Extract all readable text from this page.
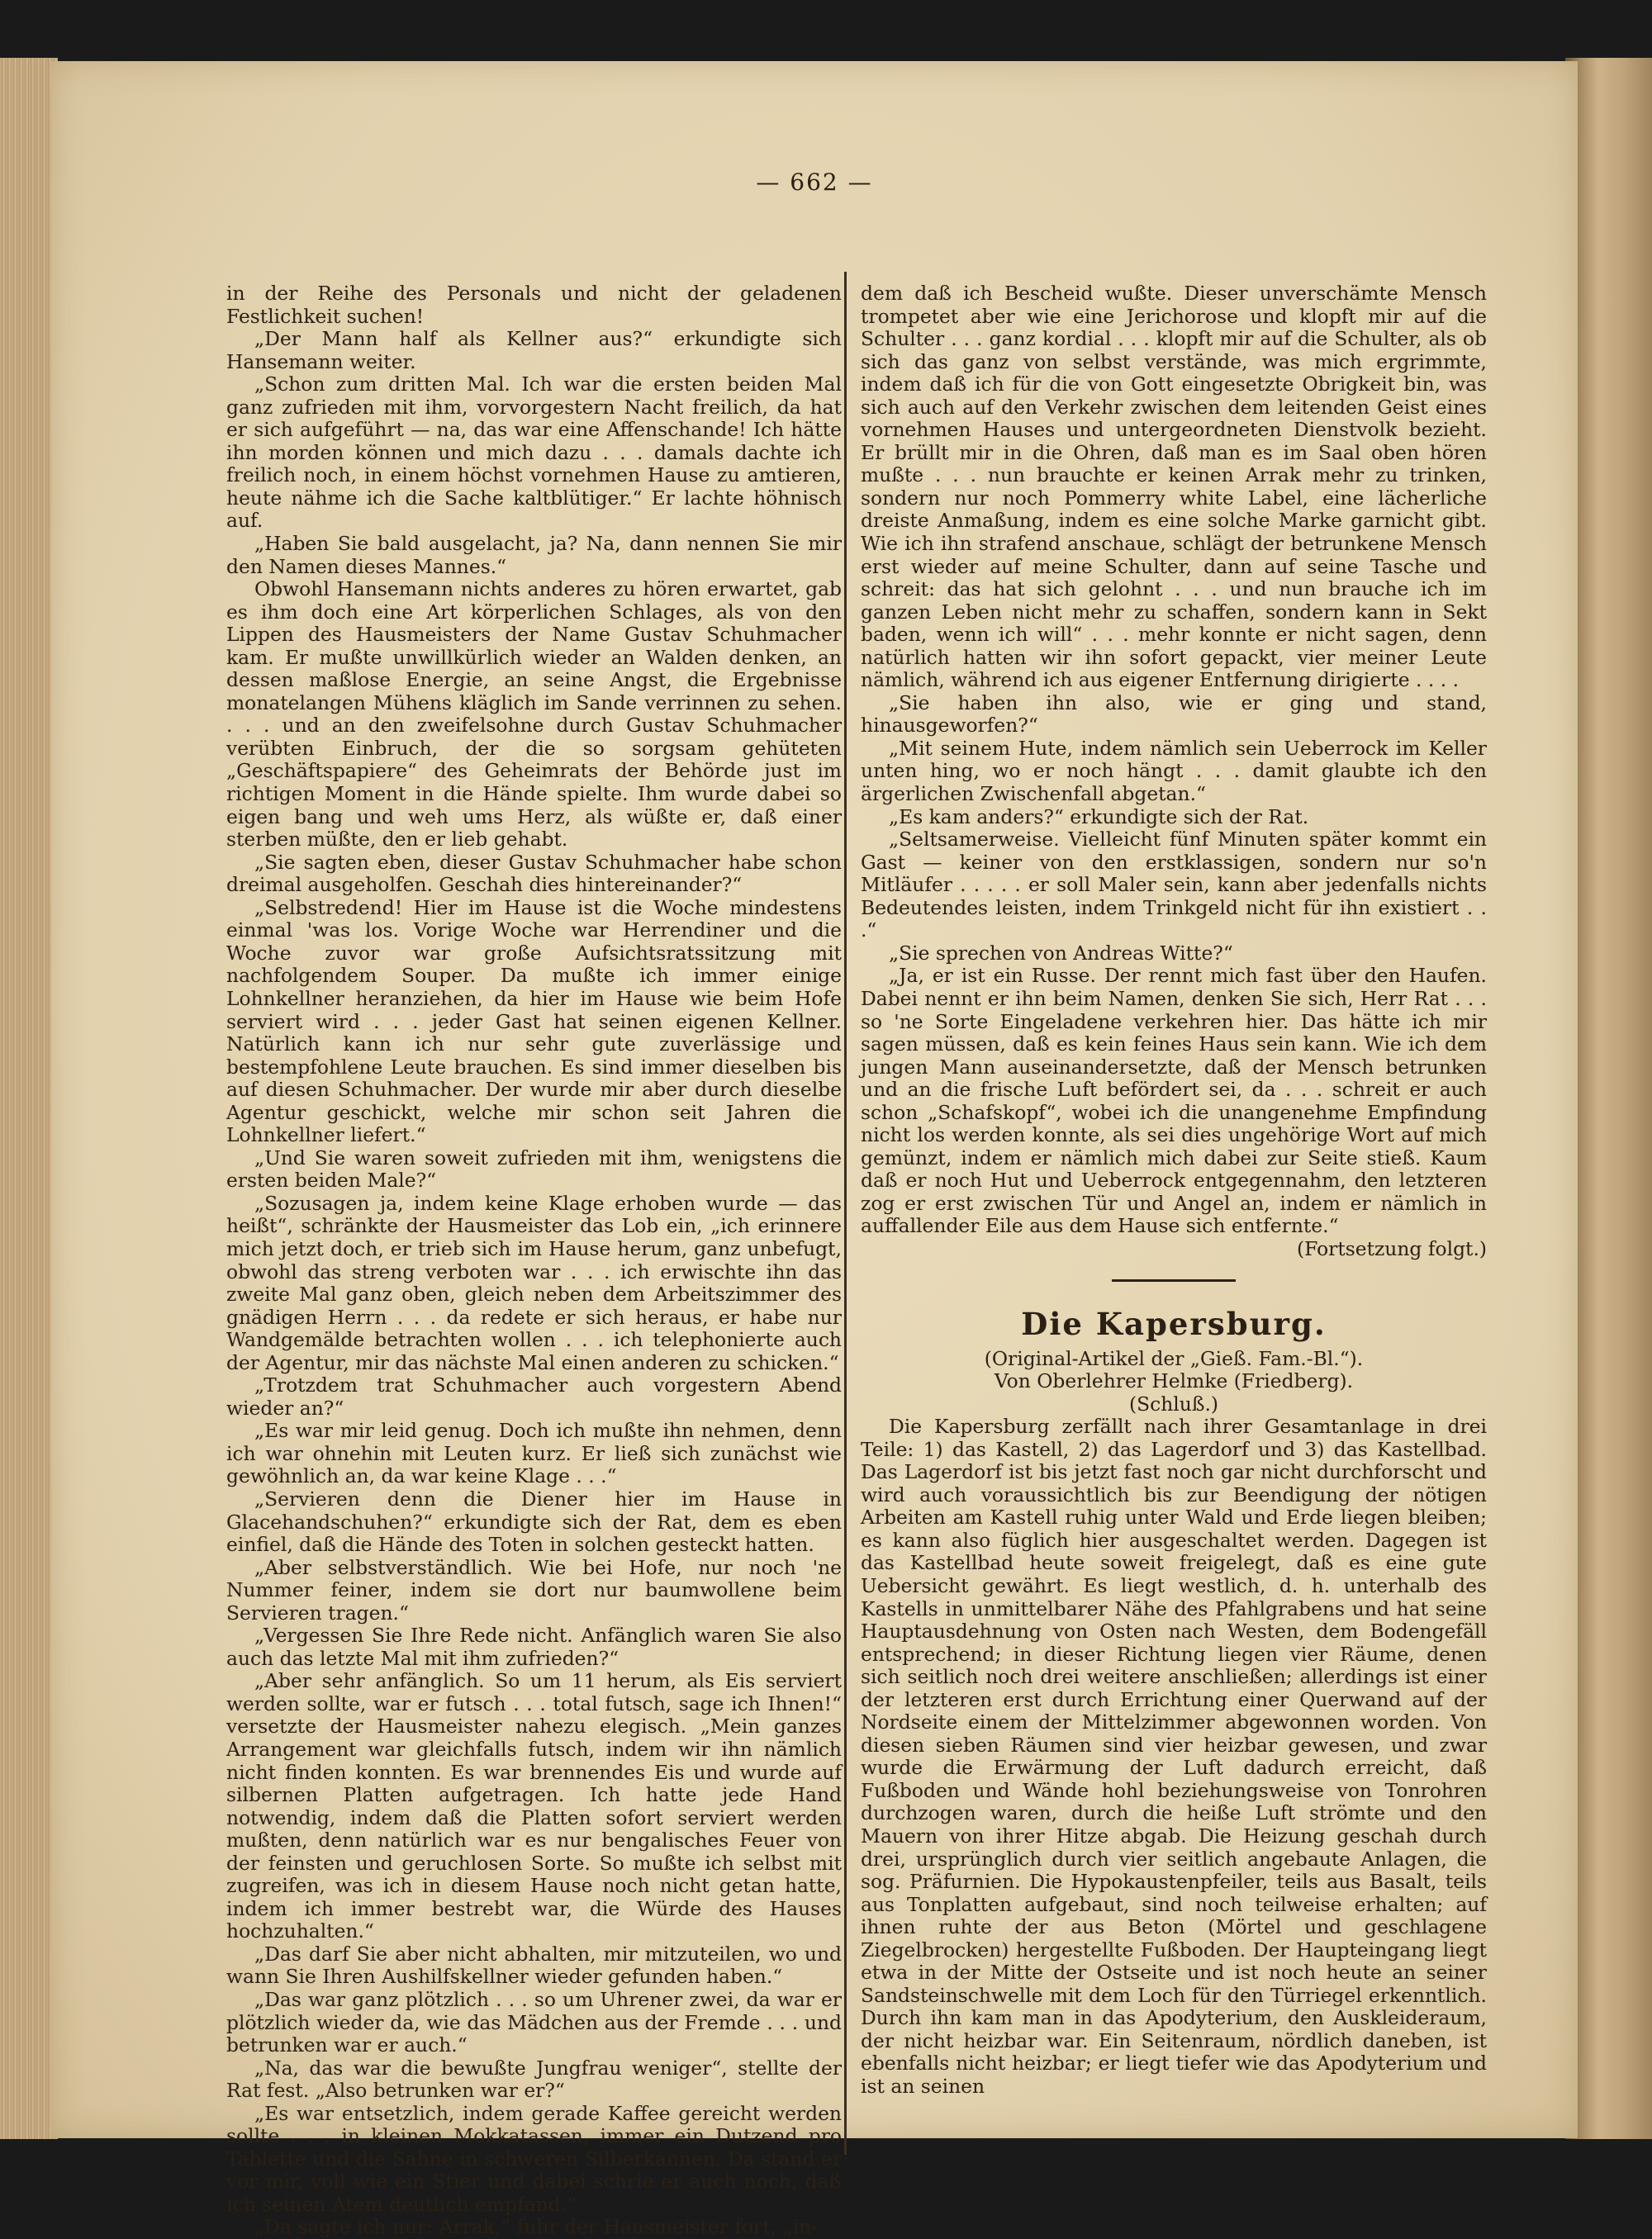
— 662 —

in der Reihe des Personals und nicht der geladenen Festlichkeit suchen!

„Der Mann half als Kellner aus?“ erkundigte sich Hansemann weiter.

„Schon zum dritten Mal. Ich war die ersten beiden Mal ganz zufrieden mit ihm, vorvorgestern Nacht freilich, da hat er sich aufgeführt — na, das war eine Affenschande! Ich hätte ihn morden können und mich dazu . . . damals dachte ich freilich noch, in einem höchst vornehmen Hause zu amtieren, heute nähme ich die Sache kaltblütiger.“ Er lachte höhnisch auf.

„Haben Sie bald ausgelacht, ja? Na, dann nennen Sie mir den Namen dieses Mannes.“

Obwohl Hansemann nichts anderes zu hören erwartet, gab es ihm doch eine Art körperlichen Schlages, als von den Lippen des Hausmeisters der Name Gustav Schuhmacher kam. Er mußte unwillkürlich wieder an Walden denken, an dessen maßlose Energie, an seine Angst, die Ergebnisse monatelangen Mühens kläglich im Sande verrinnen zu sehen. . . . und an den zweifelsohne durch Gustav Schuhmacher verübten Einbruch, der die so sorgsam gehüteten „Geschäftspapiere“ des Geheimrats der Behörde just im richtigen Moment in die Hände spielte. Ihm wurde dabei so eigen bang und weh ums Herz, als wüßte er, daß einer sterben müßte, den er lieb gehabt.

„Sie sagten eben, dieser Gustav Schuhmacher habe schon dreimal ausgeholfen. Geschah dies hintereinander?“

„Selbstredend! Hier im Hause ist die Woche mindestens einmal 'was los. Vorige Woche war Herrendiner und die Woche zuvor war große Aufsichtsratssitzung mit nachfolgendem Souper. Da mußte ich immer einige Lohnkellner heranziehen, da hier im Hause wie beim Hofe serviert wird . . . jeder Gast hat seinen eigenen Kellner. Natürlich kann ich nur sehr gute zuverlässige und bestempfohlene Leute brauchen. Es sind immer dieselben bis auf diesen Schuhmacher. Der wurde mir aber durch dieselbe Agentur geschickt, welche mir schon seit Jahren die Lohnkellner liefert.“

„Und Sie waren soweit zufrieden mit ihm, wenigstens die ersten beiden Male?“

„Sozusagen ja, indem keine Klage erhoben wurde — das heißt“, schränkte der Hausmeister das Lob ein, „ich erinnere mich jetzt doch, er trieb sich im Hause herum, ganz unbefugt, obwohl das streng verboten war . . . ich erwischte ihn das zweite Mal ganz oben, gleich neben dem Arbeitszimmer des gnädigen Herrn . . . da redete er sich heraus, er habe nur Wandgemälde betrachten wollen . . . ich telephonierte auch der Agentur, mir das nächste Mal einen anderen zu schicken.“

„Trotzdem trat Schuhmacher auch vorgestern Abend wieder an?“

„Es war mir leid genug. Doch ich mußte ihn nehmen, denn ich war ohnehin mit Leuten kurz. Er ließ sich zunächst wie gewöhnlich an, da war keine Klage . . .“

„Servieren denn die Diener hier im Hause in Glacehandschuhen?“ erkundigte sich der Rat, dem es eben einfiel, daß die Hände des Toten in solchen gesteckt hatten.

„Aber selbstverständlich. Wie bei Hofe, nur noch 'ne Nummer feiner, indem sie dort nur baumwollene beim Servieren tragen.“

„Vergessen Sie Ihre Rede nicht. Anfänglich waren Sie also auch das letzte Mal mit ihm zufrieden?“

„Aber sehr anfänglich. So um 11 herum, als Eis serviert werden sollte, war er futsch . . . total futsch, sage ich Ihnen!“ versetzte der Hausmeister nahezu elegisch. „Mein ganzes Arrangement war gleichfalls futsch, indem wir ihn nämlich nicht finden konnten. Es war brennendes Eis und wurde auf silbernen Platten aufgetragen. Ich hatte jede Hand notwendig, indem daß die Platten sofort serviert werden mußten, denn natürlich war es nur bengalisches Feuer von der feinsten und geruchlosen Sorte. So mußte ich selbst mit zugreifen, was ich in diesem Hause noch nicht getan hatte, indem ich immer bestrebt war, die Würde des Hauses hochzuhalten.“

„Das darf Sie aber nicht abhalten, mir mitzuteilen, wo und wann Sie Ihren Aushilfskellner wieder gefunden haben.“

„Das war ganz plötzlich . . . so um Uhrener zwei, da war er plötzlich wieder da, wie das Mädchen aus der Fremde . . . und betrunken war er auch.“

„Na, das war die bewußte Jungfrau weniger“, stellte der Rat fest. „Also betrunken war er?“

„Es war entsetzlich, indem gerade Kaffee gereicht werden sollte . . . in kleinen Mokkatassen, immer ein Dutzend pro Tablette und die Sahne in schweren Silberkannen. Da stand er vor mir, voll wie ein Stier und dabei schrie er auch noch, daß ich seinen Atem deutlich empfand.“

„Da sagte ich nur: Arrak,“ fuhr der Hausmeister fort, „in-

dem daß ich Bescheid wußte. Dieser unverschämte Mensch trompetet aber wie eine Jerichorose und klopft mir auf die Schulter . . . ganz kordial . . . klopft mir auf die Schulter, als ob sich das ganz von selbst verstände, was mich ergrimmte, indem daß ich für die von Gott eingesetzte Obrigkeit bin, was sich auch auf den Verkehr zwischen dem leitenden Geist eines vornehmen Hauses und untergeordneten Dienstvolk bezieht. Er brüllt mir in die Ohren, daß man es im Saal oben hören mußte . . . nun brauchte er keinen Arrak mehr zu trinken, sondern nur noch Pommerry white Label, eine lächerliche dreiste Anmaßung, indem es eine solche Marke garnicht gibt. Wie ich ihn strafend anschaue, schlägt der betrunkene Mensch erst wieder auf meine Schulter, dann auf seine Tasche und schreit: das hat sich gelohnt . . . und nun brauche ich im ganzen Leben nicht mehr zu schaffen, sondern kann in Sekt baden, wenn ich will“ . . . mehr konnte er nicht sagen, denn natürlich hatten wir ihn sofort gepackt, vier meiner Leute nämlich, während ich aus eigener Entfernung dirigierte . . . .

„Sie haben ihn also, wie er ging und stand, hinausgeworfen?“

„Mit seinem Hute, indem nämlich sein Ueberrock im Keller unten hing, wo er noch hängt . . . damit glaubte ich den ärgerlichen Zwischenfall abgetan.“

„Es kam anders?“ erkundigte sich der Rat.

„Seltsamerweise. Vielleicht fünf Minuten später kommt ein Gast — keiner von den erstklassigen, sondern nur so'n Mitläufer . . . . . er soll Maler sein, kann aber jedenfalls nichts Bedeutendes leisten, indem Trinkgeld nicht für ihn existiert . . .“

„Sie sprechen von Andreas Witte?“

„Ja, er ist ein Russe. Der rennt mich fast über den Haufen. Dabei nennt er ihn beim Namen, denken Sie sich, Herr Rat . . . so 'ne Sorte Eingeladene verkehren hier. Das hätte ich mir sagen müssen, daß es kein feines Haus sein kann. Wie ich dem jungen Mann auseinandersetzte, daß der Mensch betrunken und an die frische Luft befördert sei, da . . . schreit er auch schon „Schafskopf“, wobei ich die unangenehme Empfindung nicht los werden konnte, als sei dies ungehörige Wort auf mich gemünzt, indem er nämlich mich dabei zur Seite stieß. Kaum daß er noch Hut und Ueberrock entgegennahm, den letzteren zog er erst zwischen Tür und Angel an, indem er nämlich in auffallender Eile aus dem Hause sich entfernte.“

(Fortsetzung folgt.)

Die Kapersburg.

(Original-Artikel der „Gieß. Fam.-Bl.“).

Von Oberlehrer Helmke (Friedberg).

(Schluß.)

Die Kapersburg zerfällt nach ihrer Gesamtanlage in drei Teile: 1) das Kastell, 2) das Lagerdorf und 3) das Kastellbad. Das Lagerdorf ist bis jetzt fast noch gar nicht durchforscht und wird auch voraussichtlich bis zur Beendigung der nötigen Arbeiten am Kastell ruhig unter Wald und Erde liegen bleiben; es kann also füglich hier ausgeschaltet werden. Dagegen ist das Kastellbad heute soweit freigelegt, daß es eine gute Uebersicht gewährt. Es liegt westlich, d. h. unterhalb des Kastells in unmittelbarer Nähe des Pfahlgrabens und hat seine Hauptausdehnung von Osten nach Westen, dem Bodengefäll entsprechend; in dieser Richtung liegen vier Räume, denen sich seitlich noch drei weitere anschließen; allerdings ist einer der letzteren erst durch Errichtung einer Querwand auf der Nordseite einem der Mittelzimmer abgewonnen worden. Von diesen sieben Räumen sind vier heizbar gewesen, und zwar wurde die Erwärmung der Luft dadurch erreicht, daß Fußboden und Wände hohl beziehungsweise von Tonrohren durchzogen waren, durch die heiße Luft strömte und den Mauern von ihrer Hitze abgab. Die Heizung geschah durch drei, ursprünglich durch vier seitlich angebaute Anlagen, die sog. Präfurnien. Die Hypokaustenpfeiler, teils aus Basalt, teils aus Tonplatten aufgebaut, sind noch teilweise erhalten; auf ihnen ruhte der aus Beton (Mörtel und geschlagene Ziegelbrocken) hergestellte Fußboden. Der Haupteingang liegt etwa in der Mitte der Ostseite und ist noch heute an seiner Sandsteinschwelle mit dem Loch für den Türriegel erkenntlich. Durch ihn kam man in das Apodyterium, den Auskleideraum, der nicht heizbar war. Ein Seitenraum, nördlich daneben, ist ebenfalls nicht heizbar; er liegt tiefer wie das Apodyterium und ist an seinen
